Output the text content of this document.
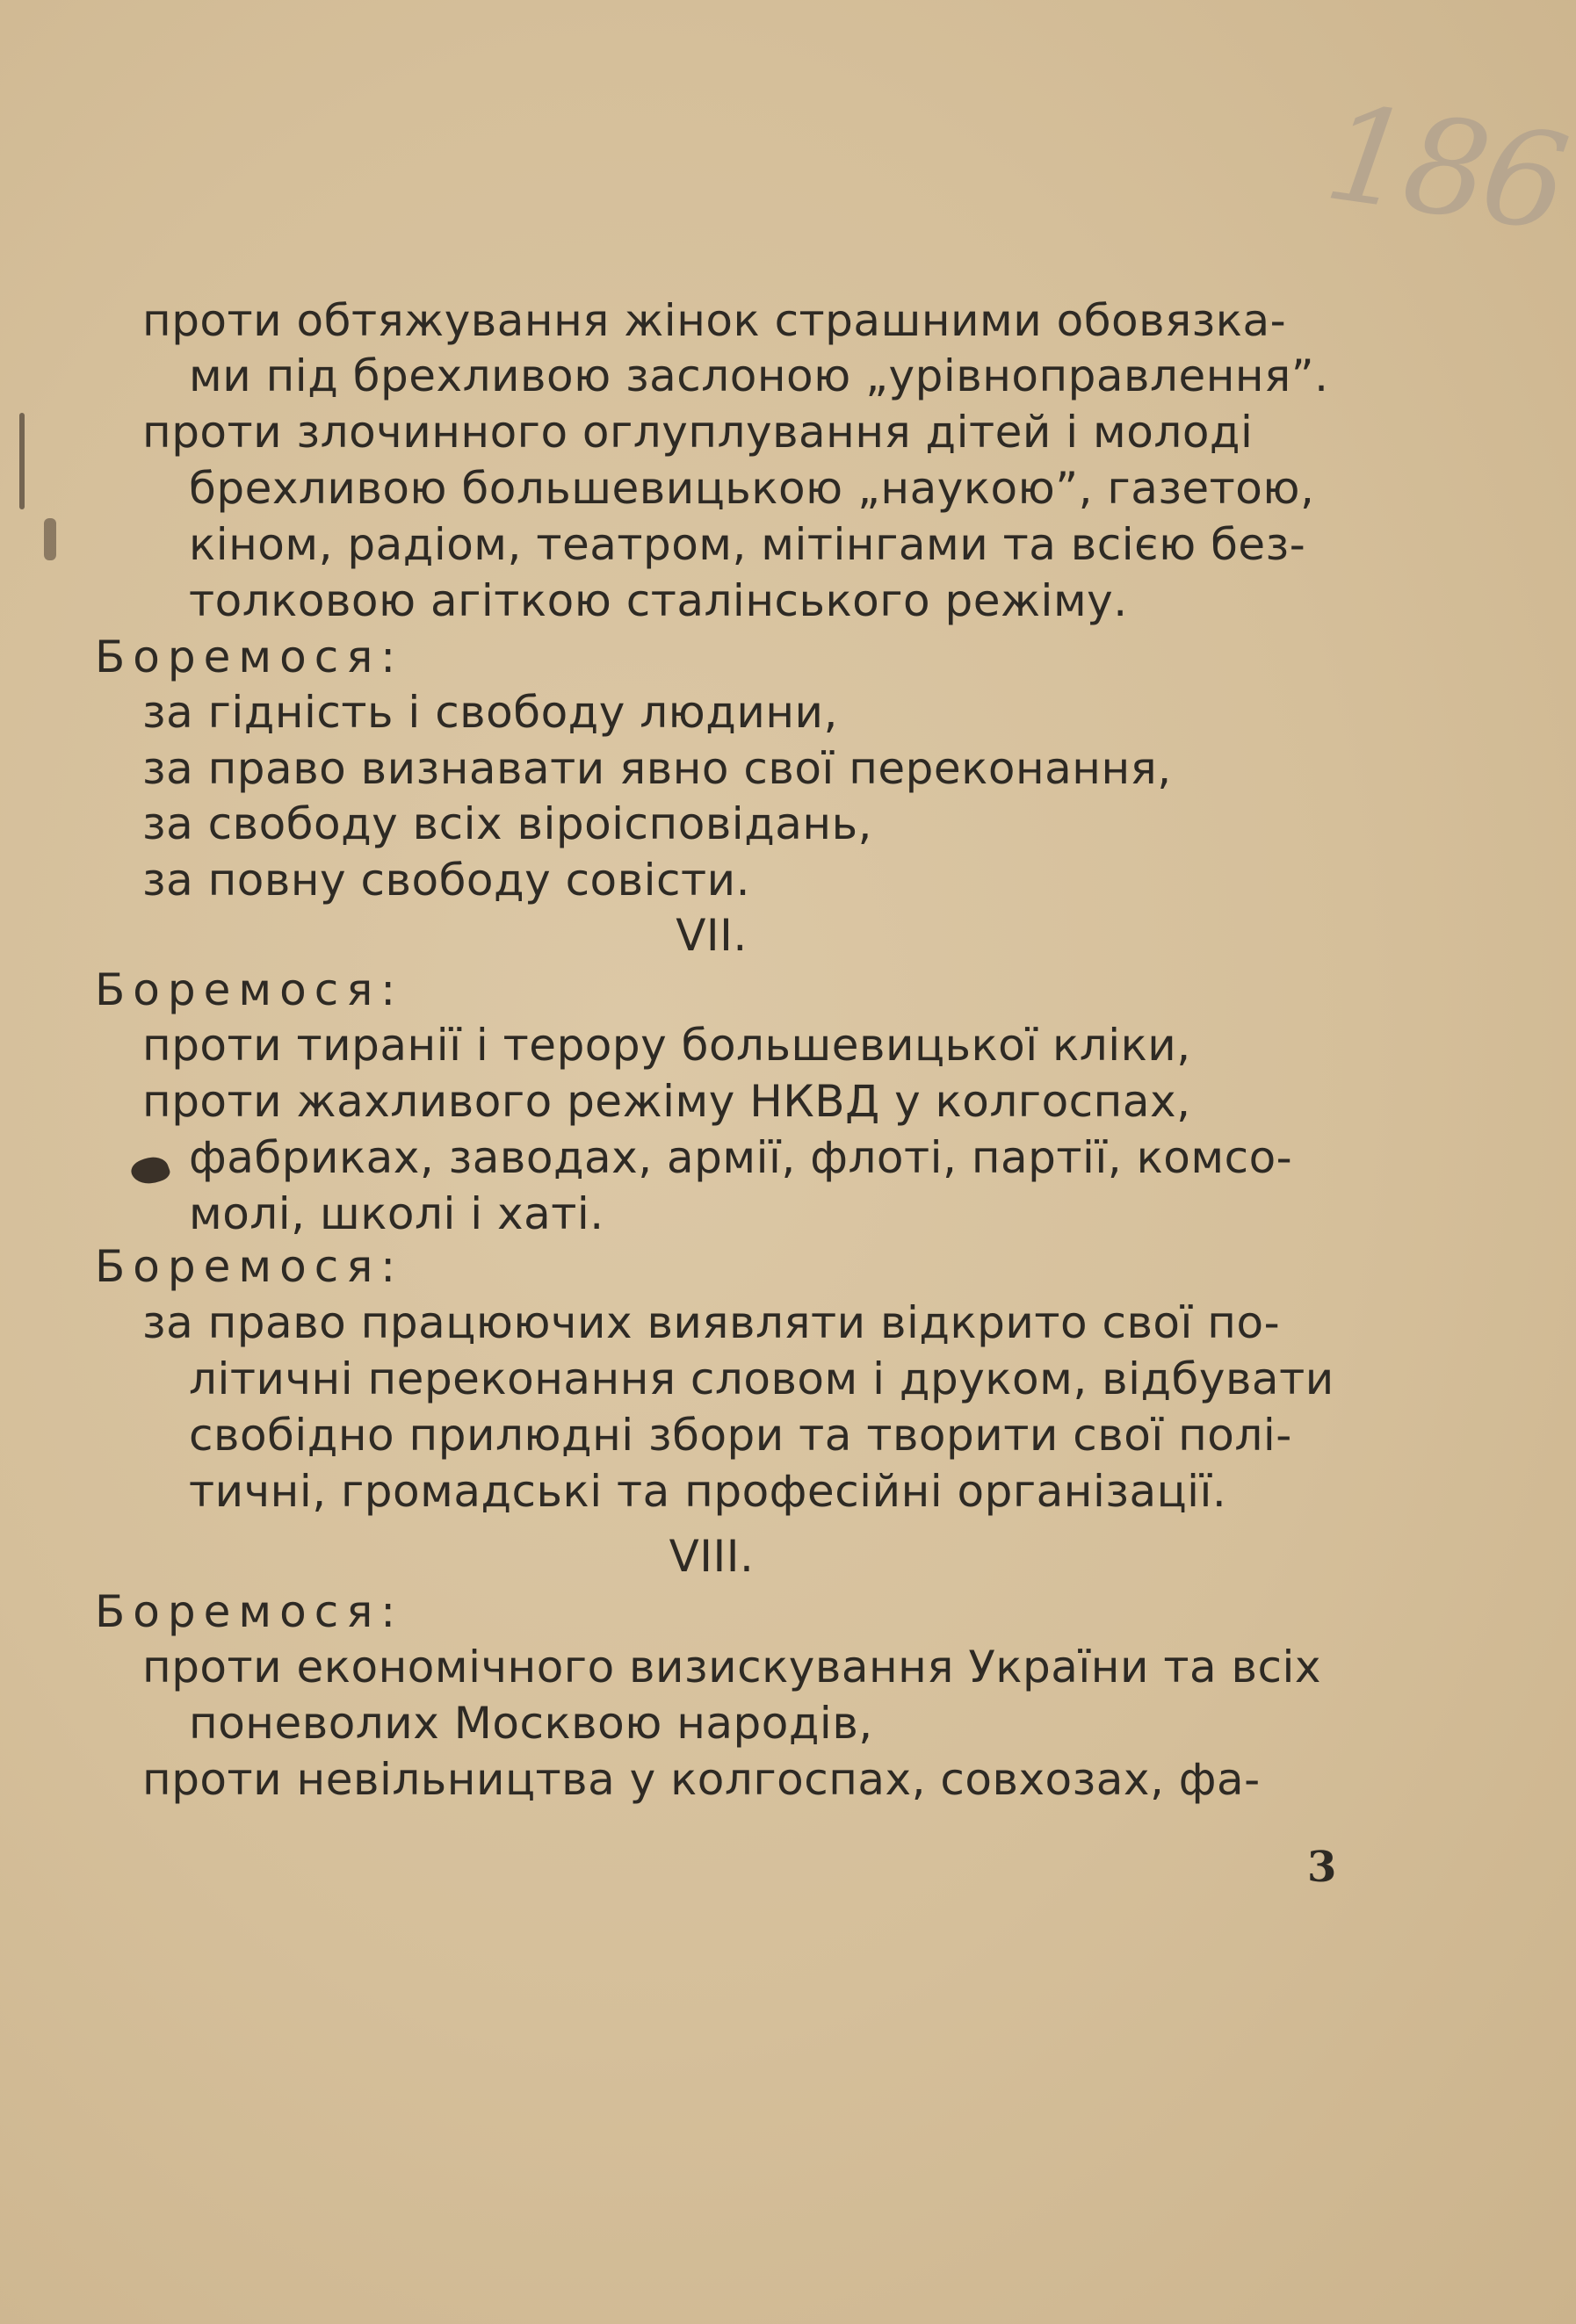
186
проти обтяжування жінок страшними обовязка-
ми під брехливою заслоною „урівноправлення”.
проти злочинного оглуплування дітей і молоді
брехливою большевицькою „наукою”, газетою,
кіном, радіом, театром, мітінгами та всією без-
толковою агіткою сталінського режіму.
Боремося:
за гідність і свободу людини,
за право визнавати явно свої переконання,
за свободу всіх віроісповідань,
за повну свободу совісти.
VII.
Боремося:
проти тиранії і терору большевицької кліки,
проти жахливого режіму НКВД у колгоспах,
фабриках, заводах, армії, флоті, партії, комсо-
молі, школі і хаті.
Боремося:
за право працюючих виявляти відкрито свої по-
літичні переконання словом і друком, відбувати
свобідно прилюдні збори та творити свої полі-
тичні, громадські та професійні організації.
VIII.
Боремося:
проти економічного визиcкування України та всіх
поневолих Москвою народів,
проти невільництва у колгоспах, совхозах, фа-
3
